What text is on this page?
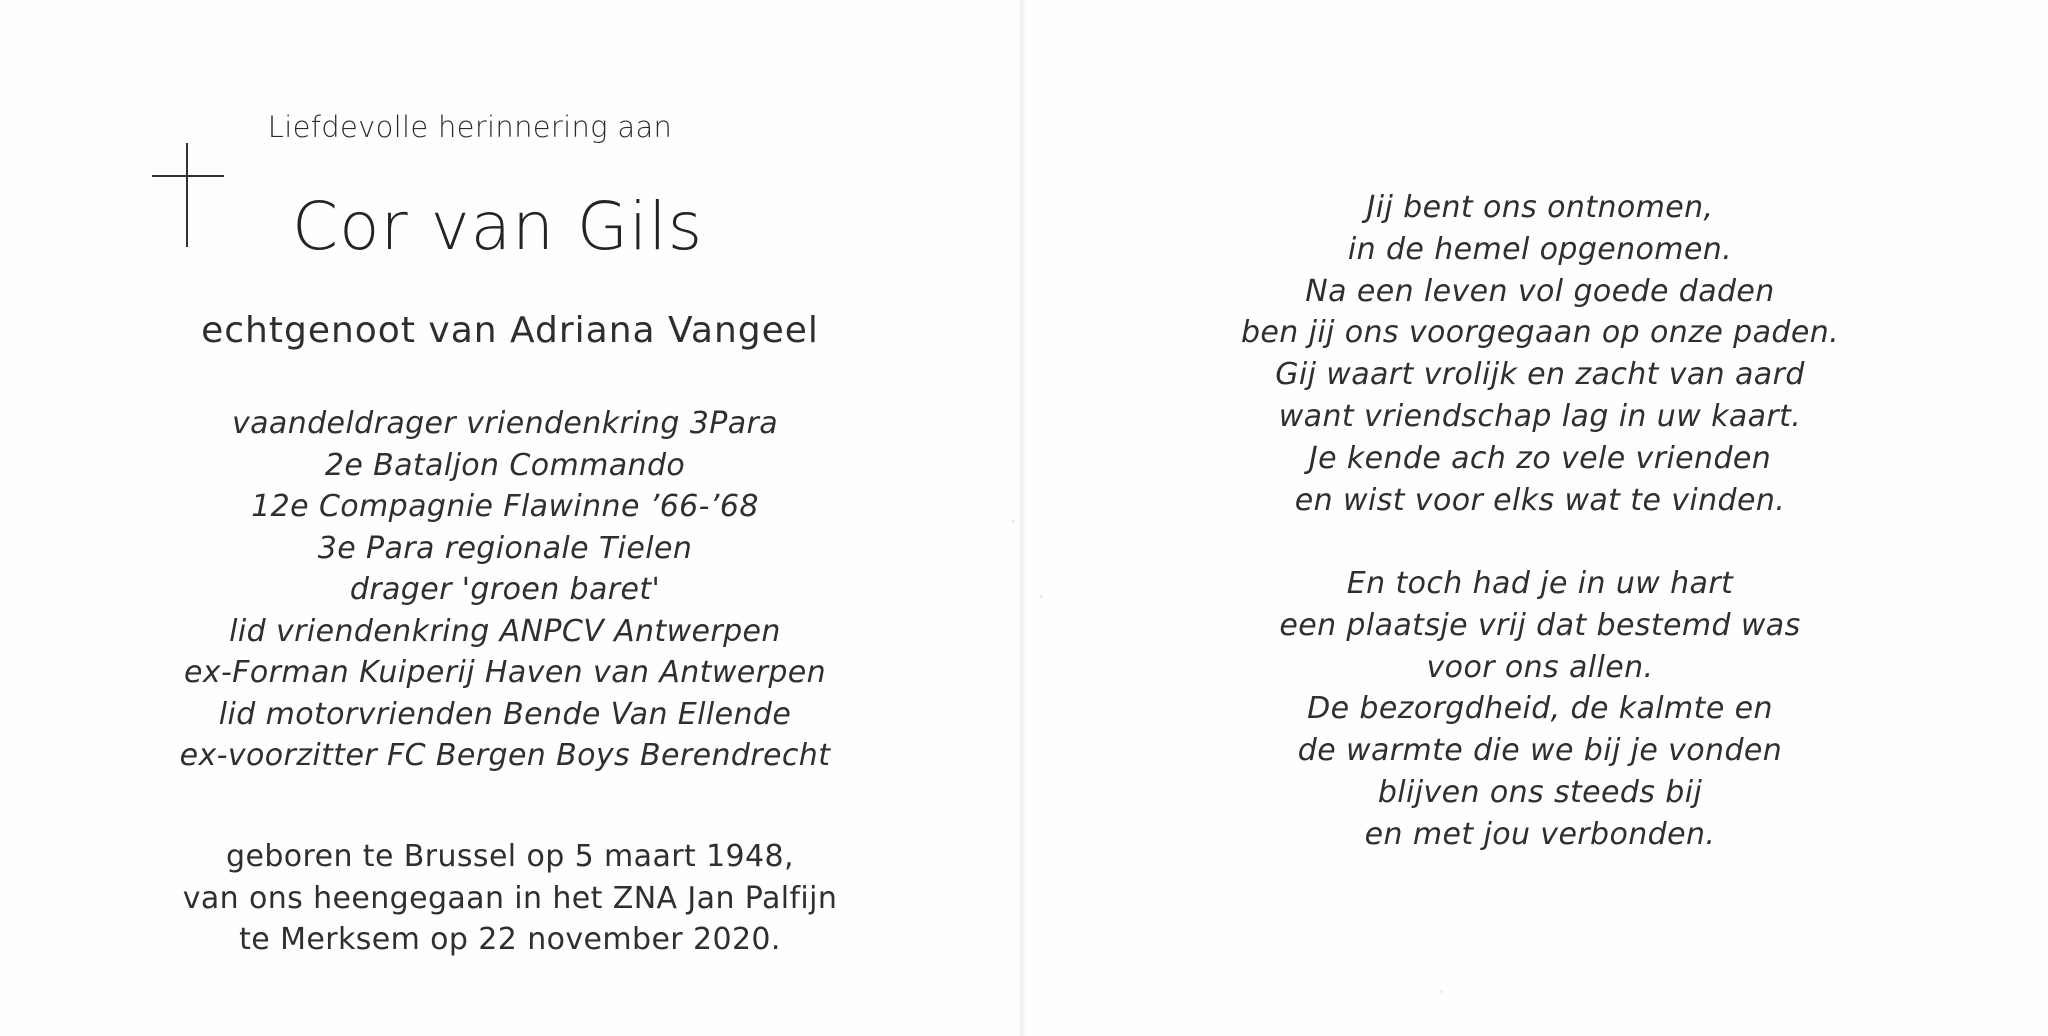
Liefdevolle herinnering aan
Cor van Gils
echtgenoot van Adriana Vangeel
vaandeldrager vriendenkring 3Para
2e Bataljon Commando
12e Compagnie Flawinne ’66-’68
3e Para regionale Tielen
drager 'groen baret'
lid vriendenkring ANPCV Antwerpen
ex-Forman Kuiperij Haven van Antwerpen
lid motorvrienden Bende Van Ellende
ex-voorzitter FC Bergen Boys Berendrecht
geboren te Brussel op 5 maart 1948,
van ons heengegaan in het ZNA Jan Palfijn
te Merksem op 22 november 2020.
Jij bent ons ontnomen,
in de hemel opgenomen.
Na een leven vol goede daden
ben jij ons voorgegaan op onze paden.
Gij waart vrolijk en zacht van aard
want vriendschap lag in uw kaart.
Je kende ach zo vele vrienden
en wist voor elks wat te vinden.
En toch had je in uw hart
een plaatsje vrij dat bestemd was
voor ons allen.
De bezorgdheid, de kalmte en
de warmte die we bij je vonden
blijven ons steeds bij
en met jou verbonden.
